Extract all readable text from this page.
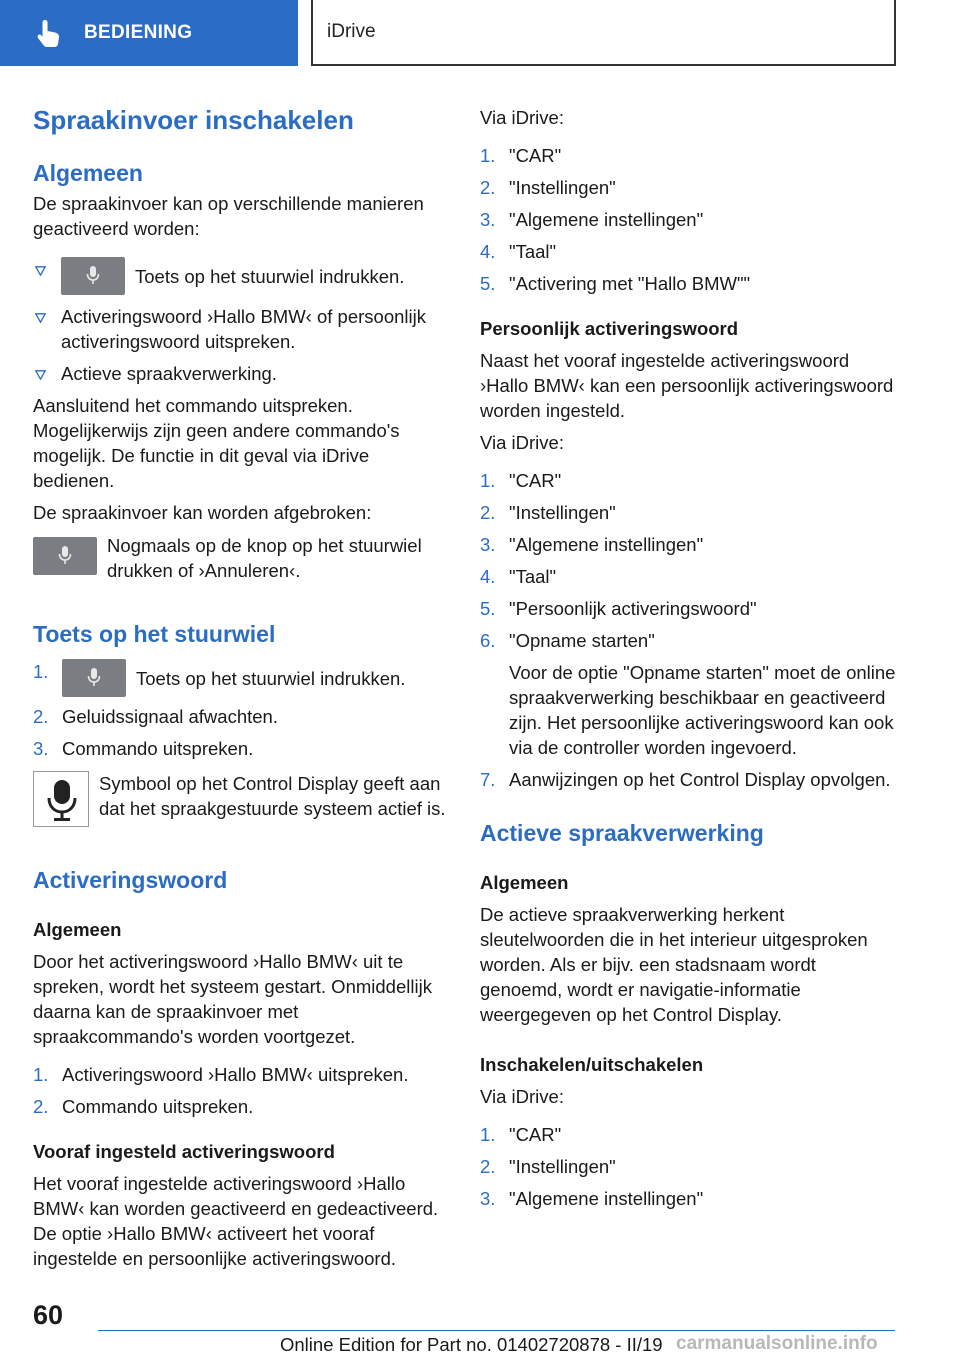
BEDIENING	iDrive
Spraakinvoer inschakelen
Algemeen
De spraakinvoer kan op verschillende manieren geactiveerd worden:
Toets op het stuurwiel indrukken.
Activeringswoord ›Hallo BMW‹ of persoonlijk activeringswoord uitspreken.
Actieve spraakverwerking.
Aansluitend het commando uitspreken. Mogelijkerwijs zijn geen andere commando's mogelijk. De functie in dit geval via iDrive bedienen.
De spraakinvoer kan worden afgebroken:
Nogmaals op de knop op het stuurwiel drukken of ›Annuleren‹.
Toets op het stuurwiel
1.	Toets op het stuurwiel indrukken.
2. Geluidssignaal afwachten.
3. Commando uitspreken.
Symbool op het Control Display geeft aan dat het spraakgestuurde systeem actief is.
Activeringswoord
Algemeen
Door het activeringswoord ›Hallo BMW‹ uit te spreken, wordt het systeem gestart. Onmiddellijk daarna kan de spraakinvoer met spraakcommando's worden voortgezet.
1. Activeringswoord ›Hallo BMW‹ uitspreken.
2. Commando uitspreken.
Vooraf ingesteld activeringswoord
Het vooraf ingestelde activeringswoord ›Hallo BMW‹ kan worden geactiveerd en gedeactiveerd. De optie ›Hallo BMW‹ activeert het vooraf ingestelde en persoonlijke activeringswoord.
Via iDrive:
1. "CAR"
2. "Instellingen"
3. "Algemene instellingen"
4. "Taal"
5. "Activering met "Hallo BMW""
Persoonlijk activeringswoord
Naast het vooraf ingestelde activeringswoord ›Hallo BMW‹ kan een persoonlijk activeringswoord worden ingesteld.
Via iDrive:
1. "CAR"
2. "Instellingen"
3. "Algemene instellingen"
4. "Taal"
5. "Persoonlijk activeringswoord"
6. "Opname starten"
Voor de optie "Opname starten" moet de online spraakverwerking beschikbaar en geactiveerd zijn. Het persoonlijke activeringswoord kan ook via de controller worden ingevoerd.
7. Aanwijzingen op het Control Display opvolgen.
Actieve spraakverwerking
Algemeen
De actieve spraakverwerking herkent sleutelwoorden die in het interieur uitgesproken worden. Als er bijv. een stadsnaam wordt genoemd, wordt er navigatie-informatie weergegeven op het Control Display.
Inschakelen/uitschakelen
Via iDrive:
1. "CAR"
2. "Instellingen"
3. "Algemene instellingen"
60
Online Edition for Part no. 01402720878 - II/19 carmanualsonline.info
